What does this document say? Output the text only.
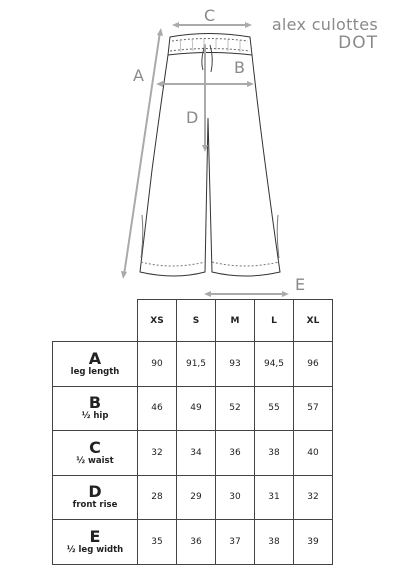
alex culottes
DOT
C
A	B
D
E
	XS	S	M	L	XL

A
leg length	90	91,5	93	94,5	96

B
½ hip	46	49	52	55	57

C
½ waist	32	34	36	38	40

D
front rise	28	29	30	31	32

E
½ leg width	35	36	37	38	39
